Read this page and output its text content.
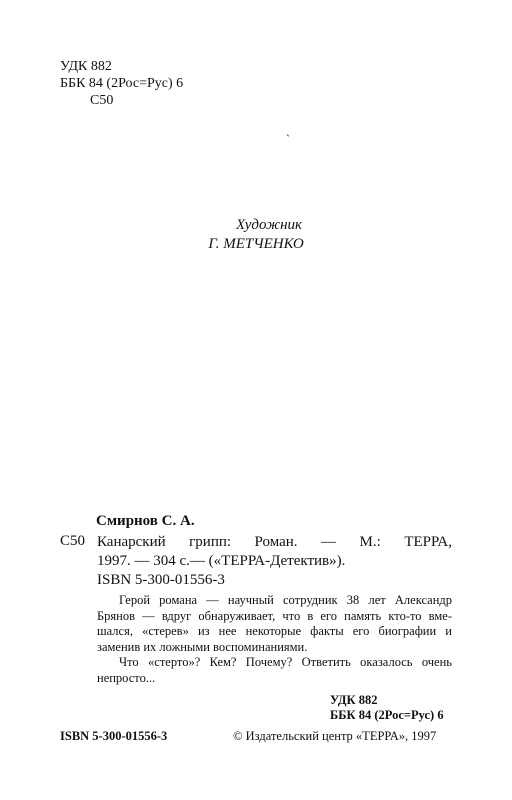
УДК 882
ББК 84 (2Рос=Рус) 6
С50
`
Художник
Г. МЕТЧЕНКО
Смирнов С. А.
С50 Канарский грипп: Роман. — М.: ТЕРРА,
1997. — 304 с.— («ТЕРРА-Детектив»).
ISBN 5-300-01556-3

Герой романа — научный сотрудник 38 лет Александр
Брянов — вдруг обнаруживает, что в его память кто-то вме-
шался, «стерев» из нее некоторые факты его биографии и
заменив их ложными воспоминаниями.

Что «стерто»? Кем? Почему? Ответить оказалось очень
непросто...

УДК 882
ББК 84 (2Рос=Рус) 6
ISBN 5-300-01556-3	© Издательский центр «ТЕРРА», 1997
